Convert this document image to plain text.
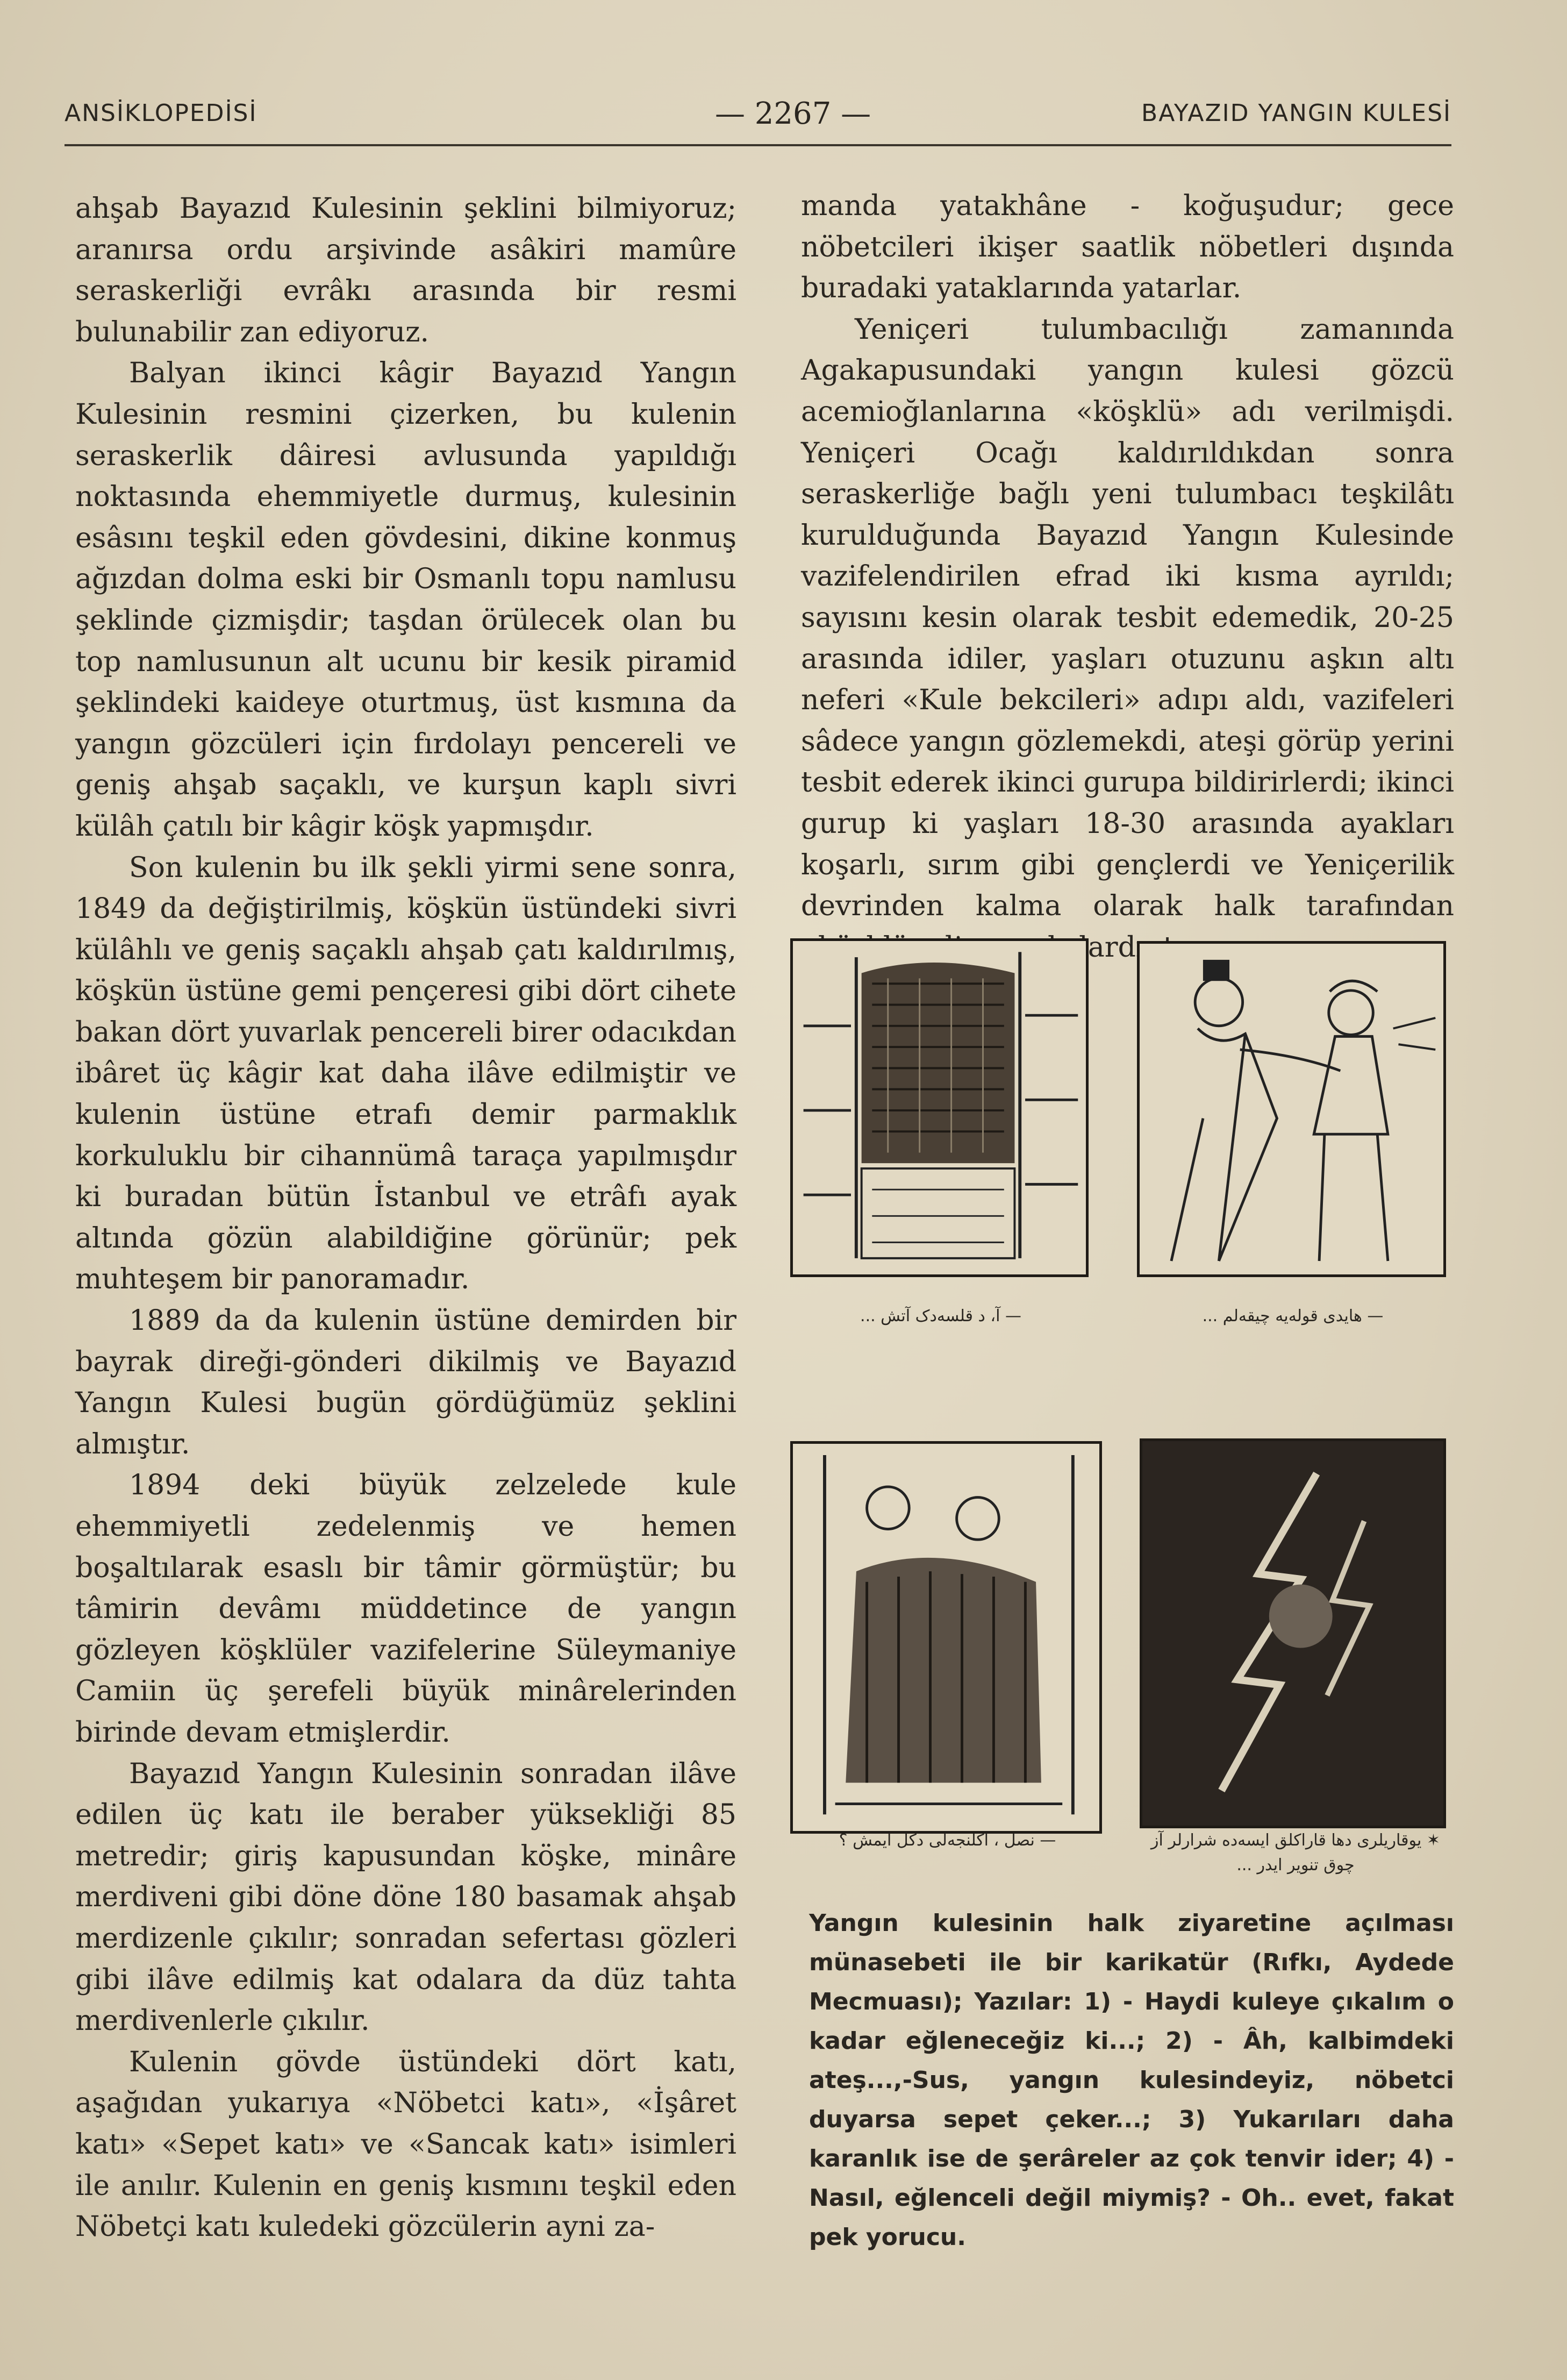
ANSİKLOPEDİSİ	— 2267 —	BAYAZID YANGIN KULESİ

ahşab Bayazıd Kulesinin şeklini bilmiyoruz; aranırsa ordu arşivinde asâkiri mamûre seraskerliği evrâkı arasında bir resmi bulunabilir zan ediyoruz.

Balyan ikinci kâgir Bayazıd Yangın Kulesinin resmini çizerken, bu kulenin seraskerlik dâiresi avlusunda yapıldığı noktasında ehemmiyetle durmuş, kulesinin esâsını teşkil eden gövdesini, dikine konmuş ağızdan dolma eski bir Osmanlı topu namlusu şeklinde çizmişdir; taşdan örülecek olan bu top namlusunun alt ucunu bir kesik piramid şeklindeki kaideye oturtmuş, üst kısmına da yangın gözcüleri için fırdolayı pencereli ve geniş ahşab saçaklı, ve kurşun kaplı sivri külâh çatılı bir kâgir köşk yapmışdır.

Son kulenin bu ilk şekli yirmi sene sonra, 1849 da değiştirilmiş, köşkün üstündeki sivri külâhlı ve geniş saçaklı ahşab çatı kaldırılmış, köşkün üstüne gemi pençeresi gibi dört cihete bakan dört yuvarlak pencereli birer odacıkdan ibâret üç kâgir kat daha ilâve edilmiştir ve kulenin üstüne etrafı demir parmaklık korkuluklu bir cihannümâ taraça yapılmışdır ki buradan bütün İstanbul ve etrâfı ayak altında gözün alabildiğine görünür; pek muhteşem bir panoramadır.

1889 da da kulenin üstüne demirden bir bayrak direği-gönderi dikilmiş ve Bayazıd Yangın Kulesi bugün gördüğümüz şeklini almıştır.

1894 deki büyük zelzelede kule ehemmiyetli zedelenmiş ve hemen boşaltılarak esaslı bir tâmir görmüştür; bu tâmirin devâmı müddetince de yangın gözleyen köşklüler vazifelerine Süleymaniye Camiin üç şerefeli büyük minârelerinden birinde devam etmişlerdir.

Bayazıd Yangın Kulesinin sonradan ilâve edilen üç katı ile beraber yüksekliği 85 metredir; giriş kapusundan köşke, minâre merdiveni gibi döne döne 180 basamak ahşab merdizenle çıkılır; sonradan sefertası gözleri gibi ilâve edilmiş kat odalara da düz tahta merdivenlerle çıkılır.

Kulenin gövde üstündeki dört katı, aşağıdan yukarıya «Nöbetci katı», «İşâret katı» «Sepet katı» ve «Sancak katı» isimleri ile anılır. Kulenin en geniş kısmını teşkil eden Nöbetçi katı kuledeki gözcülerin ayni za-

manda yatakhâne - koğuşudur; gece nöbetcileri ikişer saatlik nöbetleri dışında buradaki yataklarında yatarlar.

Yeniçeri tulumbacılığı zamanında Agakapusundaki yangın kulesi gözcü acemioğlanlarına «köşklü» adı verilmişdi. Yeniçeri Ocağı kaldırıldıkdan sonra seraskerliğe bağlı yeni tulumbacı teşkilâtı kurulduğunda Bayazıd Yangın Kulesinde vazifelendirilen efrad iki kısma ayrıldı; sayısını kesin olarak tesbit edemedik, 20-25 arasında idiler, yaşları otuzunu aşkın altı neferi «Kule bekcileri» adıpı aldı, vazifeleri sâdece yangın gözlemekdi, ateşi görüp yerini tesbit ederek ikinci gurupa bildirirlerdi; ikinci gurup ki yaşları 18-30 arasında ayakları koşarlı, sırım gibi gençlerdi ve Yeniçerilik devrinden kalma olarak halk tarafından

— آ، د قلسه‌دک آتش ...	— هایدی قوله‌یه چیقه‌لم ...
— نصل ، اکلنجه‌لی دکل ایمش ؟	✶ یوقاریلری دها قاراکلق ایسه‌ده شرارلر آز چوق تنویر ایدر ...
Yangın kulesinin halk ziyaretine açılması münasebeti ile bir karikatür (Rıfkı, Aydede Mecmuası); Yazılar: 1) - Haydi kuleye çıkalım o kadar eğleneceğiz ki...; 2) - Âh, kalbimdeki ateş...,-Sus, yangın kulesindeyiz, nöbetci duyarsa sepet çeker...; 3) Yukarıları daha karanlık ise de şerâreler az çok tenvir ider; 4) - Nasıl, eğlenceli değil miymiş? - Oh.. evet, fakat pek yorucu.
